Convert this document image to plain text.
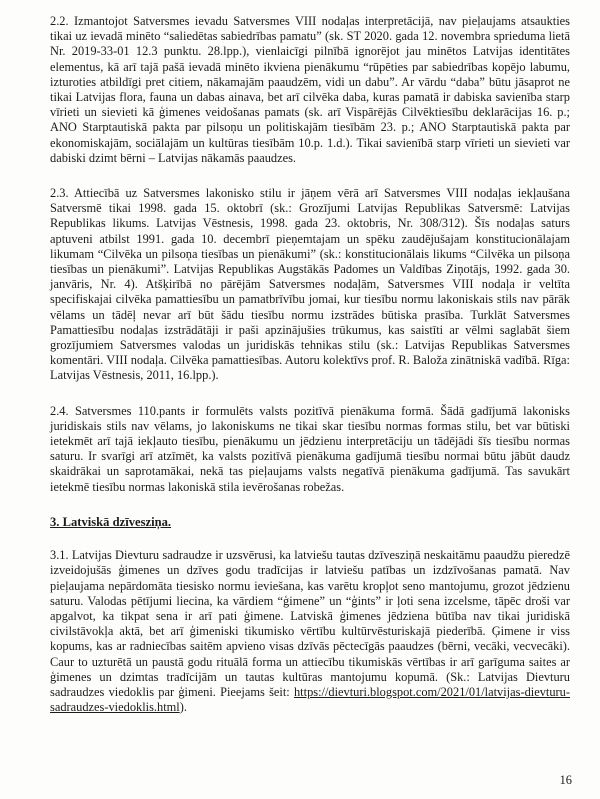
2.2. Izmantojot Satversmes ievadu Satversmes VIII nodaļas interpretācijā, nav pieļaujams atsaukties tikai uz ievadā minēto “saliedētas sabiedrības pamatu” (sk. ST 2020. gada 12. novembra sprieduma lietā Nr. 2019-33-01 12.3 punktu. 28.lpp.), vienlaicīgi pilnībā ignorējot jau minētos Latvijas identitātes elementus, kā arī tajā pašā ievadā minēto ikviena pienākumu “rūpēties par sabiedrības kopējo labumu, izturoties atbildīgi pret citiem, nākamajām paaudzēm, vidi un dabu”. Ar vārdu “daba” būtu jāsaprot ne tikai Latvijas flora, fauna un dabas ainava, bet arī cilvēka daba, kuras pamatā ir dabiska savienība starp vīrieti un sievieti kā ģimenes veidošanas pamats (sk. arī Vispārējās Cilvēktiesību deklarācijas 16. p.; ANO Starptautiskā pakta par pilsoņu un politiskajām tiesībām 23. p.; ANO Starptautiskā pakta par ekonomiskajām, sociālajām un kultūras tiesībām 10.p. 1.d.). Tikai savienībā starp vīrieti un sievieti var dabiski dzimt bērni – Latvijas nākamās paaudzes.

2.3. Attiecībā uz Satversmes lakonisko stilu ir jāņem vērā arī Satversmes VIII nodaļas iekļaušana Satversmē tikai 1998. gada 15. oktobrī (sk.: Grozījumi Latvijas Republikas Satversmē: Latvijas Republikas likums. Latvijas Vēstnesis, 1998. gada 23. oktobris, Nr. 308/312). Šīs nodaļas saturs aptuveni atbilst 1991. gada 10. decembrī pieņemtajam un spēku zaudējušajam konstitucionālajam likumam “Cilvēka un pilsoņa tiesības un pienākumi” (sk.: konstitucionālais likums “Cilvēka un pilsoņa tiesības un pienākumi”. Latvijas Republikas Augstākās Padomes un Valdības Ziņotājs, 1992. gada 30. janvāris, Nr. 4). Atšķirībā no pārējām Satversmes nodaļām, Satversmes VIII nodaļa ir veltīta specifiskajai cilvēka pamattiesību un pamatbrīvību jomai, kur tiesību normu lakoniskais stils nav pārāk vēlams un tādēļ nevar arī būt šādu tiesību normu izstrādes būtiska prasība. Turklāt Satversmes Pamattiesību nodaļas izstrādātāji ir paši apzinājušies trūkumus, kas saistīti ar vēlmi saglabāt šiem grozījumiem Satversmes valodas un juridiskās tehnikas stilu (sk.: Latvijas Republikas Satversmes komentāri. VIII nodaļa. Cilvēka pamattiesības. Autoru kolektīvs prof. R. Baloža zinātniskā vadībā. Rīga: Latvijas Vēstnesis, 2011, 16.lpp.).

2.4. Satversmes 110.pants ir formulēts valsts pozitīvā pienākuma formā. Šādā gadījumā lakonisks juridiskais stils nav vēlams, jo lakoniskums ne tikai skar tiesību normas formas stilu, bet var būtiski ietekmēt arī tajā iekļauto tiesību, pienākumu un jēdzienu interpretāciju un tādējādi šīs tiesību normas saturu. Ir svarīgi arī atzīmēt, ka valsts pozitīvā pienākuma gadījumā tiesību normai būtu jābūt daudz skaidrākai un saprotamākai, nekā tas pieļaujams valsts negatīvā pienākuma gadījumā. Tas savukārt ietekmē tiesību normas lakoniskā stila ievērošanas robežas.

3. Latviskā dzīvesziņa.

3.1. Latvijas Dievturu sadraudze ir uzsvērusi, ka latviešu tautas dzīvesziņā neskaitāmu paaudžu pieredzē izveidojušās ģimenes un dzīves godu tradīcijas ir latviešu patības un izdzīvošanas pamatā. Nav pieļaujama nepārdomāta tiesisko normu ieviešana, kas varētu kropļot seno mantojumu, grozot jēdzienu saturu. Valodas pētījumi liecina, ka vārdiem “ģimene” un “ģints” ir ļoti sena izcelsme, tāpēc droši var apgalvot, ka tikpat sena ir arī pati ģimene. Latviskā ģimenes jēdziena būtība nav tikai juridiskā civilstāvokļa aktā, bet arī ģimeniski tikumisko vērtību kultūrvēsturiskajā piederībā. Ģimene ir viss kopums, kas ar radniecības saitēm apvieno visas dzīvās pēctecīgās paaudzes (bērni, vecāki, vecvecāki). Caur to uzturētā un paustā godu rituālā forma un attiecību tikumiskās vērtības ir arī garīguma saites ar ģimenes un dzimtas tradīcijām un tautas kultūras mantojumu kopumā. (Sk.: Latvijas Dievturu sadraudzes viedoklis par ģimeni. Pieejams šeit: https://dievturi.blogspot.com/2021/01/latvijas-dievturu-sadraudzes-viedoklis.html).

16
